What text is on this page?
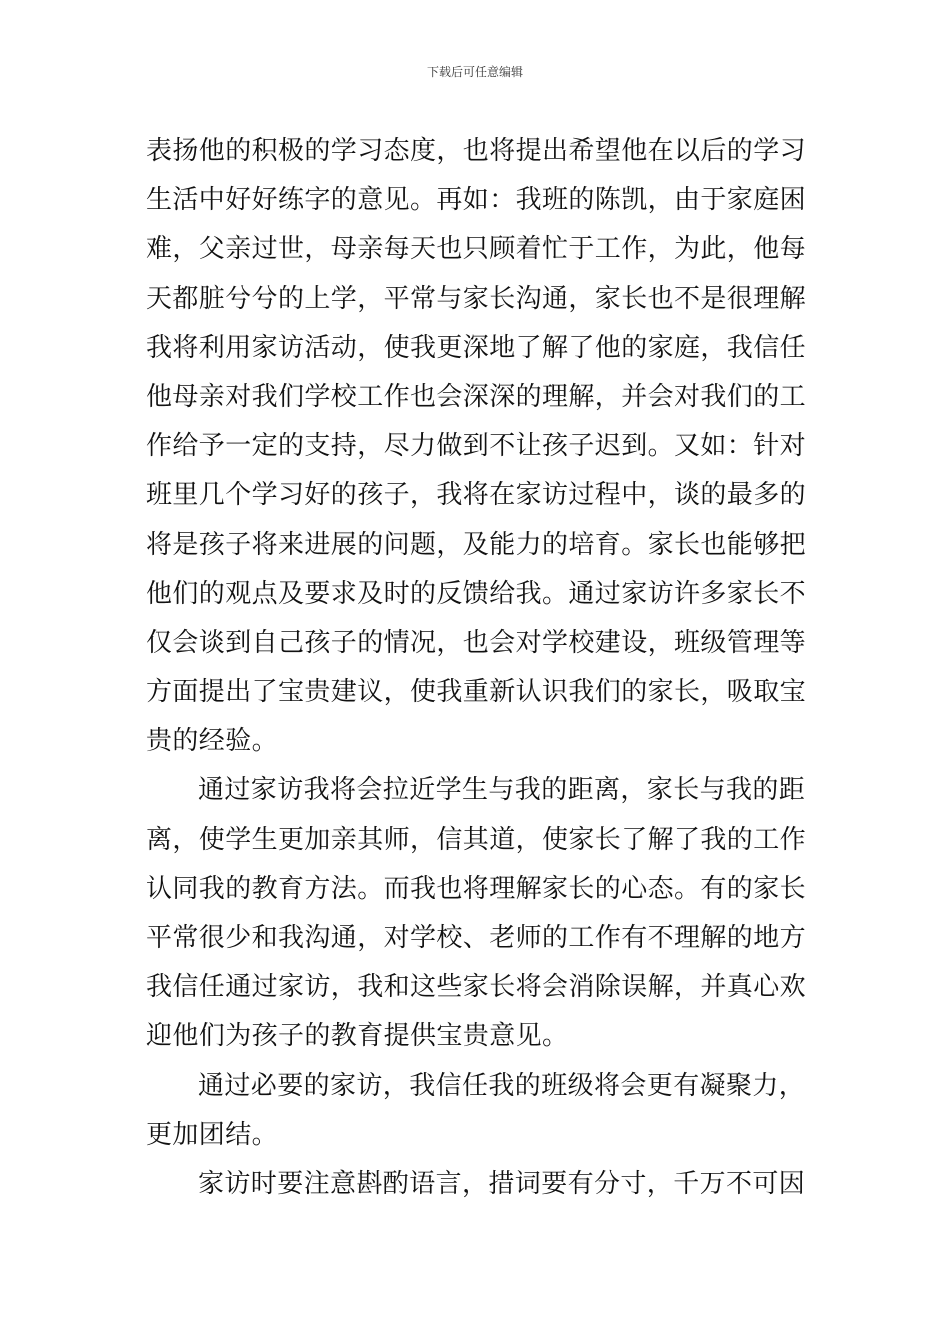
下载后可任意编辑
表扬他的积极的学习态度，也将提出希望他在以后的学习
生活中好好练字的意见。再如：我班的陈凯，由于家庭困
难，父亲过世，母亲每天也只顾着忙于工作，为此，他每
天都脏兮兮的上学，平常与家长沟通，家长也不是很理解
我将利用家访活动，使我更深地了解了他的家庭，我信任
他母亲对我们学校工作也会深深的理解，并会对我们的工
作给予一定的支持，尽力做到不让孩子迟到。又如：针对
班里几个学习好的孩子，我将在家访过程中，谈的最多的
将是孩子将来进展的问题，及能力的培育。家长也能够把
他们的观点及要求及时的反馈给我。通过家访许多家长不
仅会谈到自己孩子的情况，也会对学校建设，班级管理等
方面提出了宝贵建议，使我重新认识我们的家长，吸取宝
贵的经验。
通过家访我将会拉近学生与我的距离，家长与我的距
离，使学生更加亲其师，信其道，使家长了解了我的工作
认同我的教育方法。而我也将理解家长的心态。有的家长
平常很少和我沟通，对学校、老师的工作有不理解的地方
我信任通过家访，我和这些家长将会消除误解，并真心欢
迎他们为孩子的教育提供宝贵意见。
通过必要的家访，我信任我的班级将会更有凝聚力，
更加团结。
家访时要注意斟酌语言，措词要有分寸，千万不可因
